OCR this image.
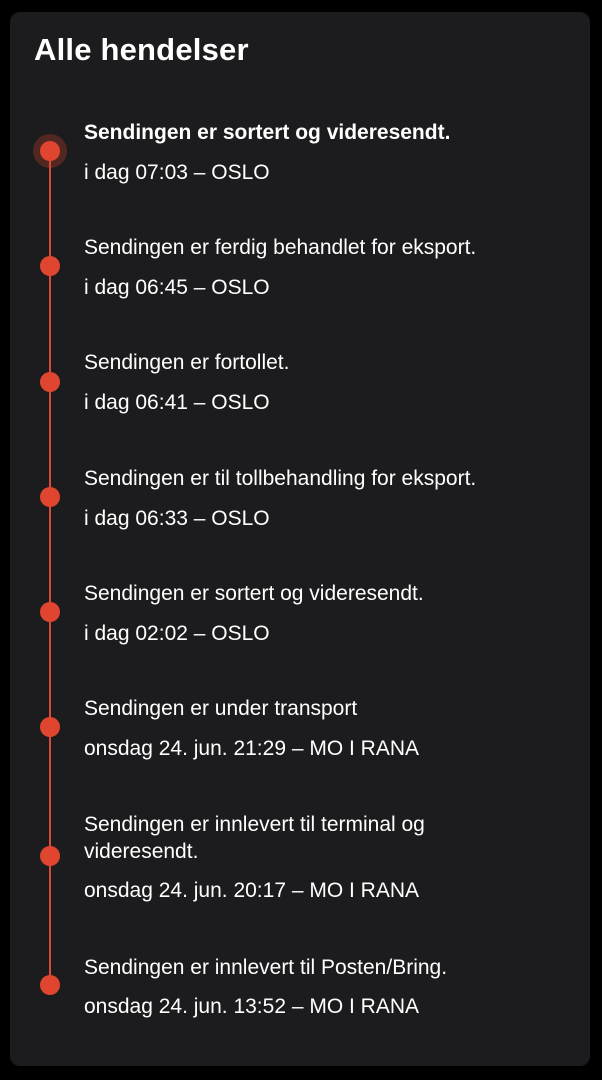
Alle hendelser

Sendingen er sortert og videresendt.

i dag 07:03 – OSLO

Sendingen er ferdig behandlet for eksport.

i dag 06:45 – OSLO

Sendingen er fortollet.

i dag 06:41 – OSLO

Sendingen er til tollbehandling for eksport.

i dag 06:33 – OSLO

Sendingen er sortert og videresendt.

i dag 02:02 – OSLO

Sendingen er under transport

onsdag 24. jun. 21:29 – MO I RANA

Sendingen er innlevert til terminal og videresendt.

onsdag 24. jun. 20:17 – MO I RANA

Sendingen er innlevert til Posten/Bring.

onsdag 24. jun. 13:52 – MO I RANA
